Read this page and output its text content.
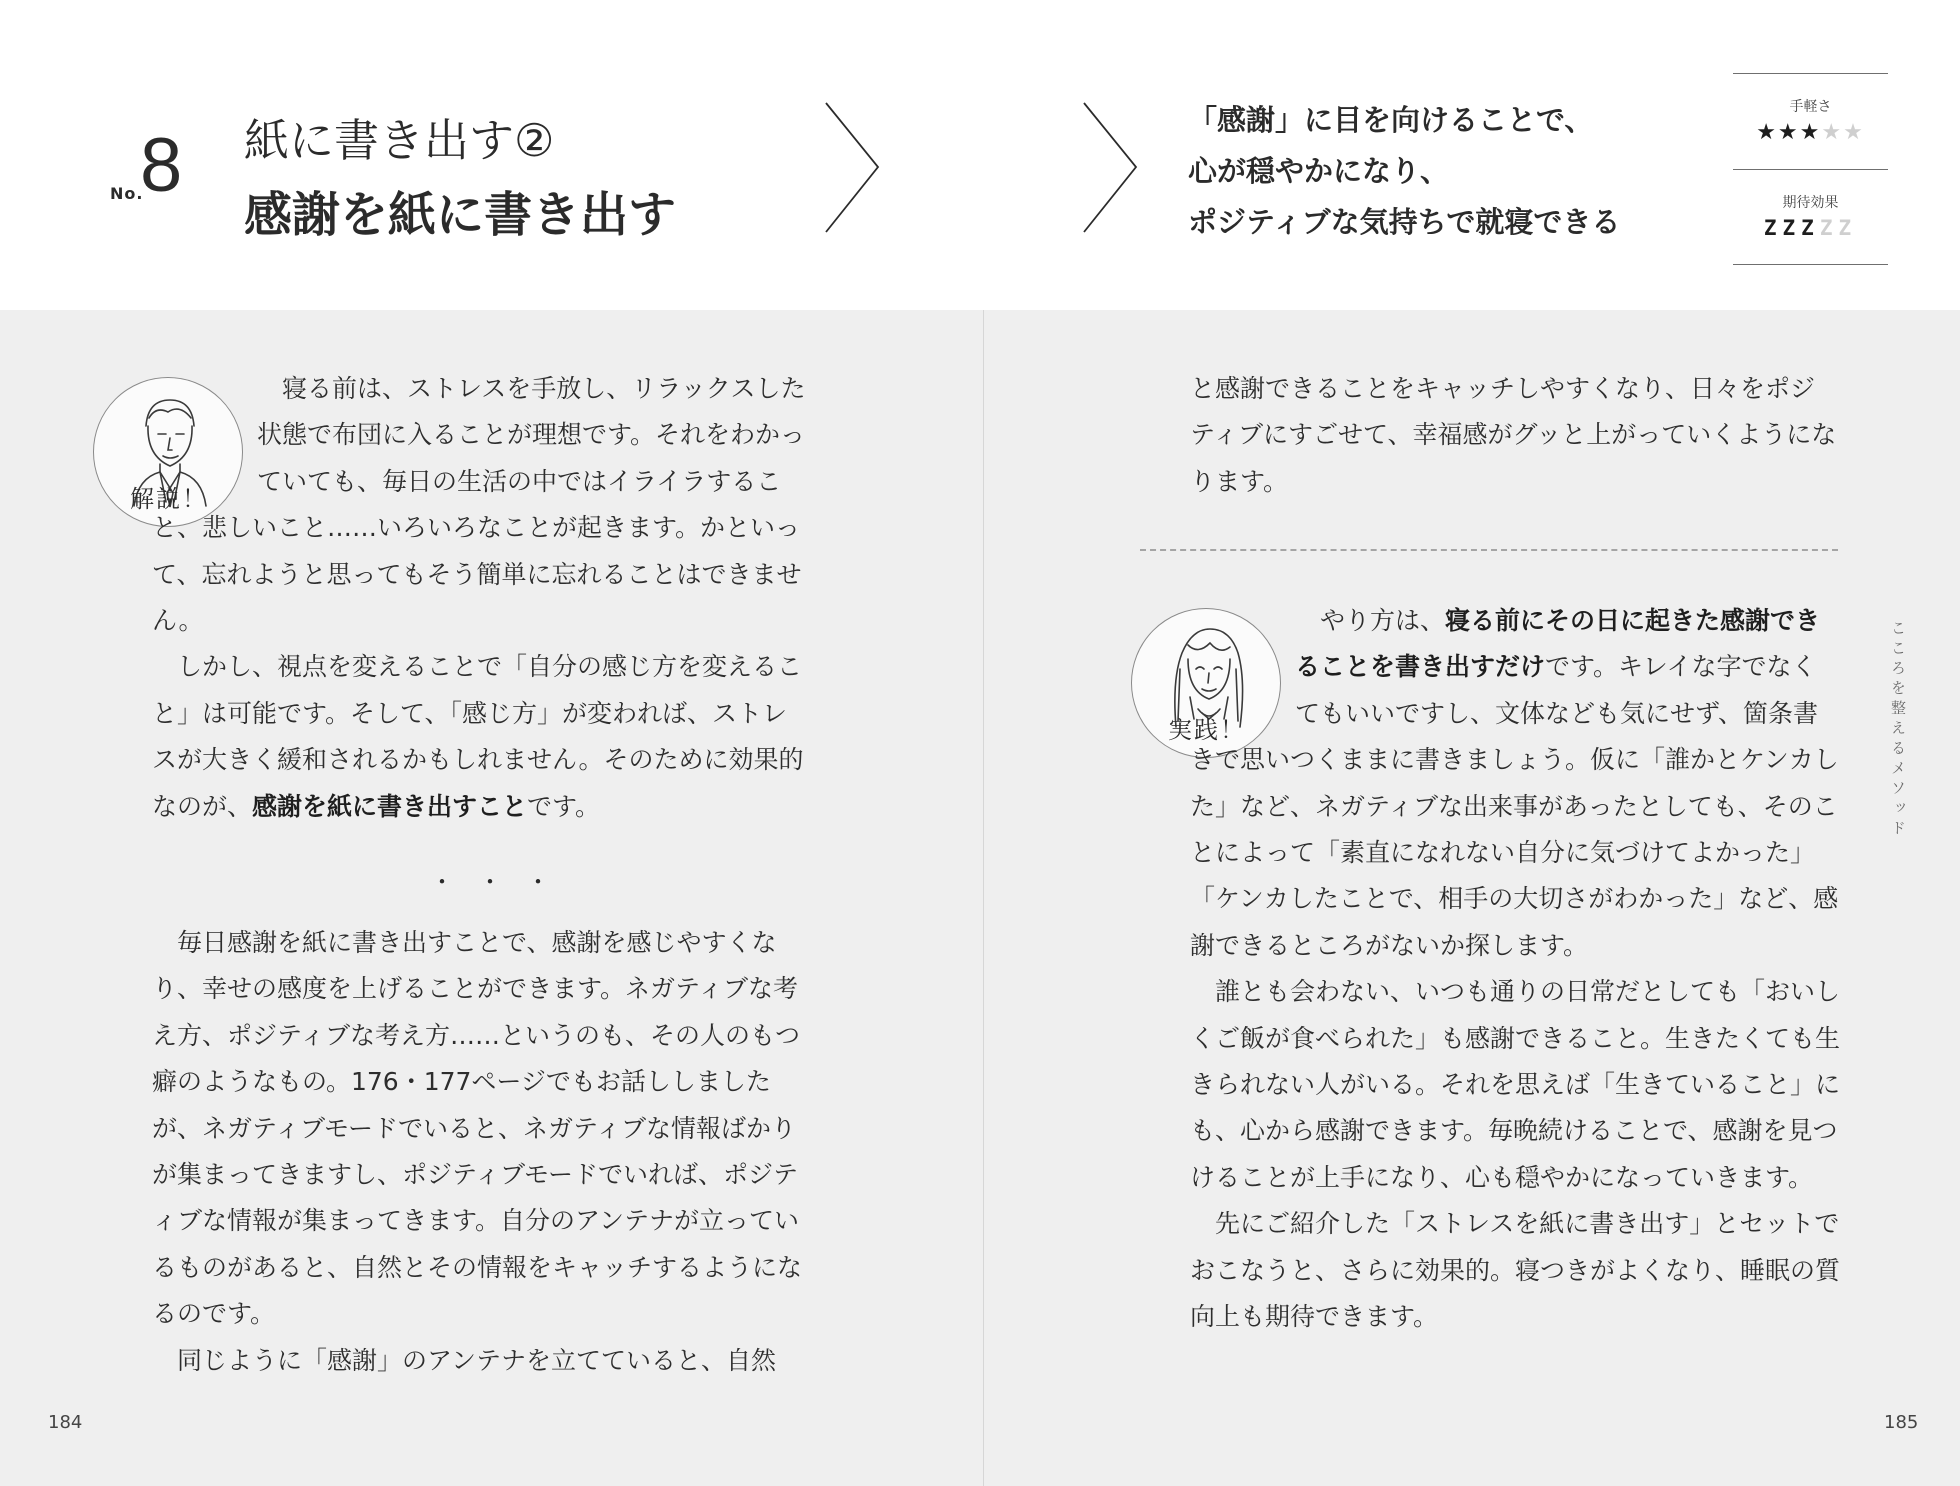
No.
8 紙に書き出す②
感謝を紙に書き出す
「感謝」に目を向けることで、
心が穏やかになり、
ポジティブな気持ちで就寝できる
手軽さ
★★★★★
期待効果
ZZZZZ
解説！

寝る前は、ストレスを手放し、リラックスした状態で布団に入ることが理想です。それをわかっていても、毎日の生活の中ではイライラすること、悲しいこと……いろいろなことが起きます。かといって、忘れようと思ってもそう簡単に忘れることはできません。

しかし、視点を変えることで「自分の感じ方を変えること」は可能です。そして、「感じ方」が変われば、ストレスが大きく緩和されるかもしれません。そのために効果的なのが、感謝を紙に書き出すことです。

・・・

毎日感謝を紙に書き出すことで、感謝を感じやすくなり、幸せの感度を上げることができます。ネガティブな考え方、ポジティブな考え方……というのも、その人のもつ癖のようなもの。176・177ページでもお話ししましたが、ネガティブモードでいると、ネガティブな情報ばかりが集まってきますし、ポジティブモードでいれば、ポジティブな情報が集まってきます。自分のアンテナが立っているものがあると、自然とその情報をキャッチするようになるのです。

同じように「感謝」のアンテナを立てていると、自然

184

と感謝できることをキャッチしやすくなり、日々をポジティブにすごせて、幸福感がグッと上がっていくようになります。

実践！

やり方は、寝る前にその日に起きた感謝できることを書き出すだけです。キレイな字でなくてもいいですし、文体なども気にせず、箇条書きで思いつくままに書きましょう。仮に「誰かとケンカした」など、ネガティブな出来事があったとしても、そのことによって「素直になれない自分に気づけてよかった」「ケンカしたことで、相手の大切さがわかった」など、感謝できるところがないか探します。

誰とも会わない、いつも通りの日常だとしても「おいしくご飯が食べられた」も感謝できること。生きたくても生きられない人がいる。それを思えば「生きていること」にも、心から感謝できます。毎晩続けることで、感謝を見つけることが上手になり、心も穏やかになっていきます。

先にご紹介した「ストレスを紙に書き出す」とセットでおこなうと、さらに効果的。寝つきがよくなり、睡眠の質向上も期待できます。

こころを整えるメソッド
185
